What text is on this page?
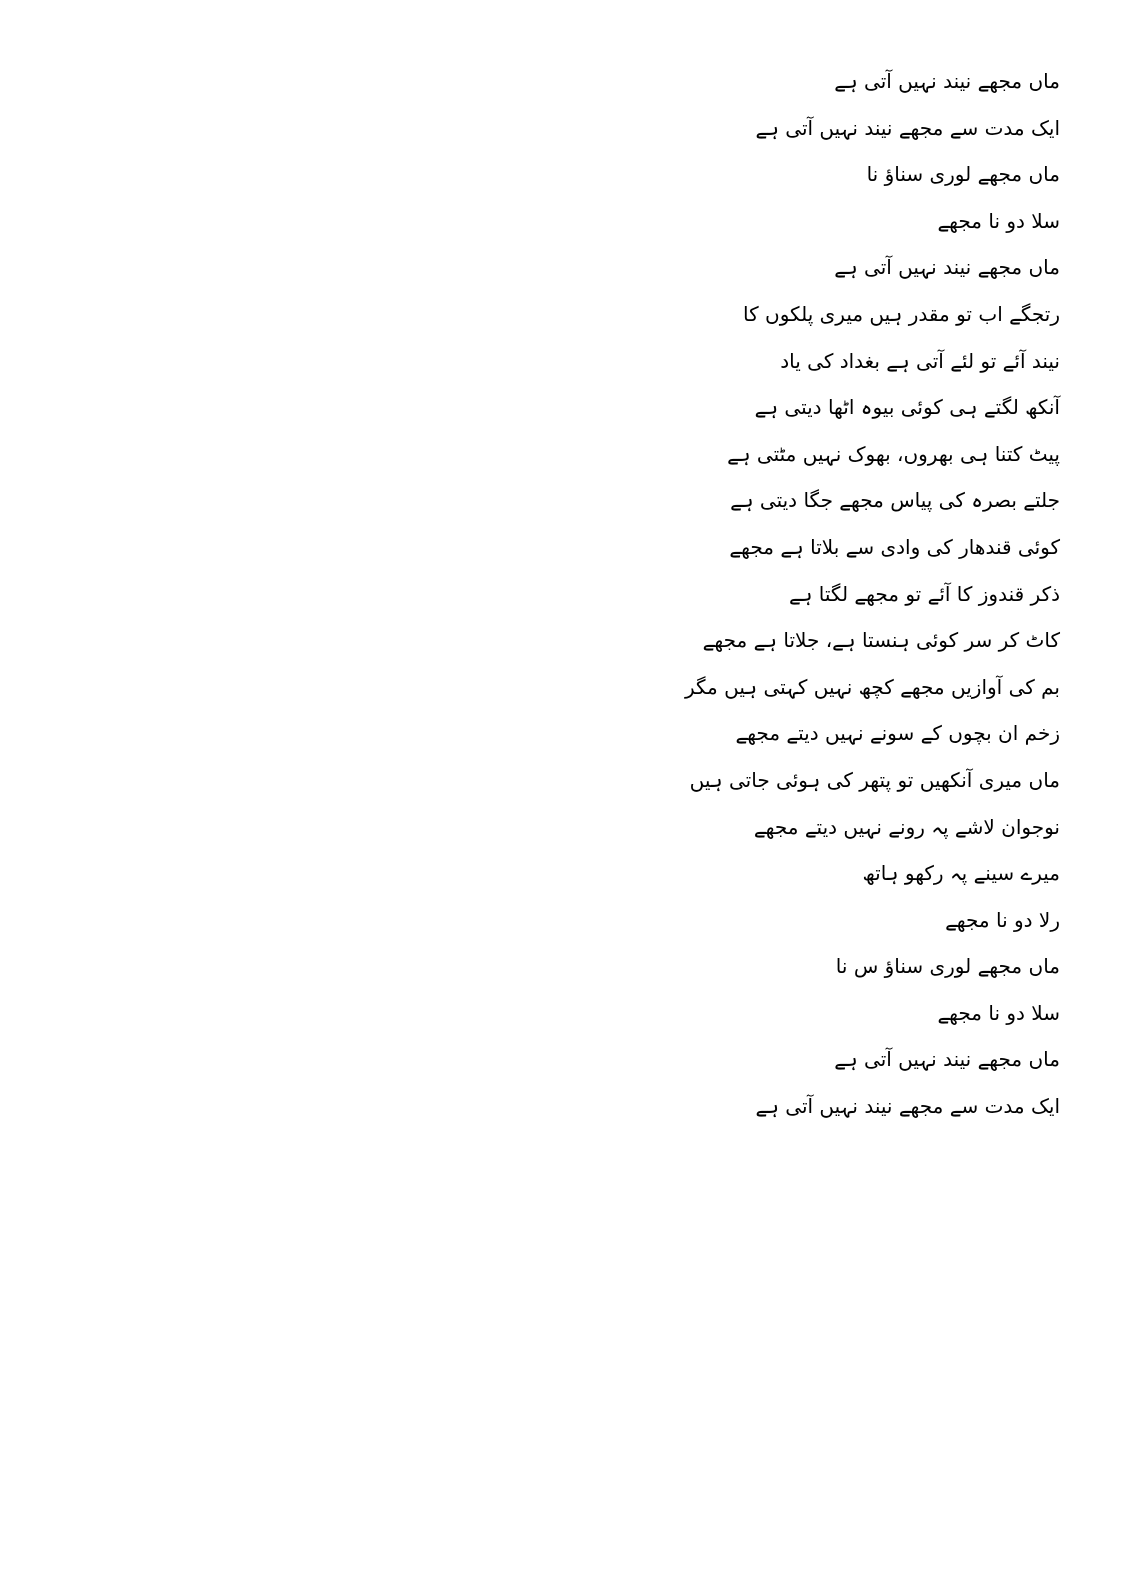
ماں مجھے نیند نہیں آتی ہے
ایک مدت سے مجھے نیند نہیں آتی ہے
ماں مجھے لوری سناؤ نا
سلا دو نا مجھے
ماں مجھے نیند نہیں آتی ہے
رتجگے اب تو مقدر ہیں میری پلکوں کا
نیند آئے تو لئے آتی ہے بغداد کی یاد
آنکھ لگتے ہی کوئی بیوہ اٹھا دیتی ہے
پیٹ کتنا ہی بھروں، بھوک نہیں مٹتی ہے
جلتے بصرہ کی پیاس مجھے جگا دیتی ہے
کوئی قندھار کی وادی سے بلاتا ہے مجھے
ذکر قندوز کا آئے تو مجھے لگتا ہے
کاٹ کر سر کوئی ہنستا ہے، جلاتا ہے مجھے
بم کی آوازیں مجھے کچھ نہیں کہتی ہیں مگر
زخم ان بچوں کے سونے نہیں دیتے مجھے
ماں میری آنکھیں تو پتھر کی ہوئی جاتی ہیں
نوجوان لاشے پہ رونے نہیں دیتے مجھے
میرے سینے پہ رکھو ہاتھ
رلا دو نا مجھے
ماں مجھے لوری سناؤ س نا
سلا دو نا مجھے
ماں مجھے نیند نہیں آتی ہے
ایک مدت سے مجھے نیند نہیں آتی ہے
